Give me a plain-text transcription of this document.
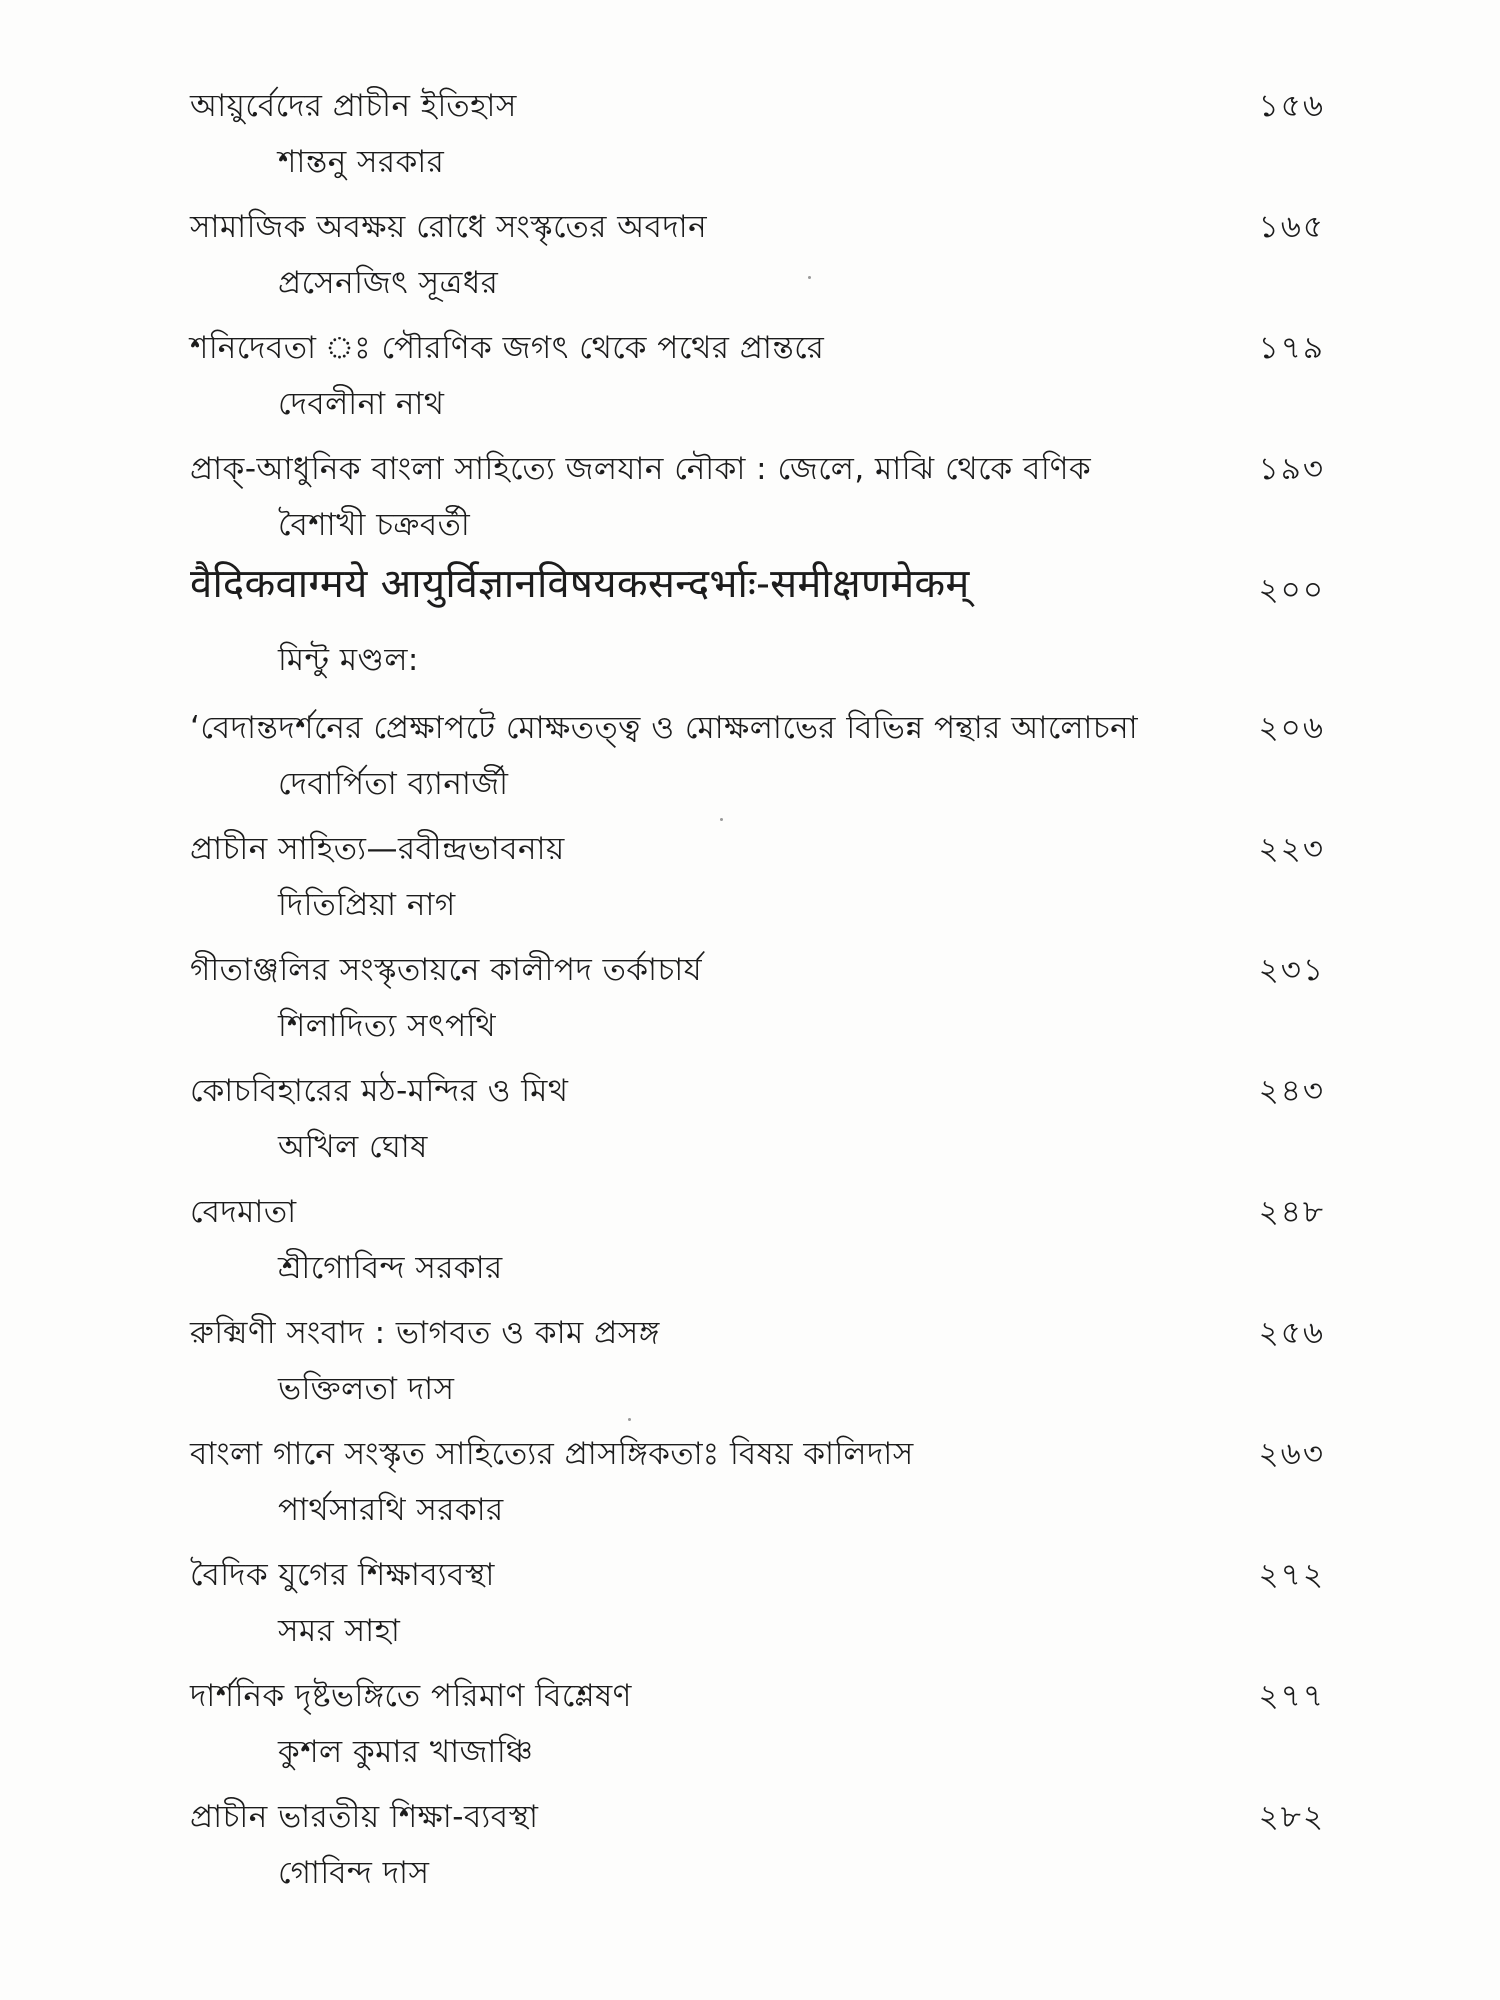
আয়ুর্বেদের প্রাচীন ইতিহাস	১৫৬
শান্তনু সরকার
সামাজিক অবক্ষয় রোধে সংস্কৃতের অবদান	১৬৫
প্রসেনজিৎ সূত্রধর
শনিদেবতা ঃ পৌরণিক জগৎ থেকে পথের প্রান্তরে	১৭৯
দেবলীনা নাথ
প্রাক্‌-আধুনিক বাংলা সাহিত্যে জলযান নৌকা : জেলে, মাঝি থেকে বণিক	১৯৩
বৈশাখী চক্রবর্তী
वैदिकवाग्मये आयुर्विज्ञानविषयकसन्दर्भाः-समीक्षणमेकम्	২০০
মিন্টু মণ্ডল:
‘বেদান্তদর্শনের প্রেক্ষাপটে মোক্ষতত্ত্ব ও মোক্ষলাভের বিভিন্ন পন্থার আলোচনা	২০৬
দেবার্পিতা ব্যানার্জী
প্রাচীন সাহিত্য—রবীন্দ্রভাবনায়	২২৩
দিতিপ্রিয়া নাগ
গীতাঞ্জলির সংস্কৃতায়নে কালীপদ তর্কাচার্য	২৩১
শিলাদিত্য সৎপথি
কোচবিহারের মঠ-মন্দির ও মিথ	২৪৩
অখিল ঘোষ
বেদমাতা	২৪৮
শ্রীগোবিন্দ সরকার
রুক্মিণী সংবাদ : ভাগবত ও কাম প্রসঙ্গ	২৫৬
ভক্তিলতা দাস
বাংলা গানে সংস্কৃত সাহিত্যের প্রাসঙ্গিকতাঃ বিষয় কালিদাস	২৬৩
পার্থসারথি সরকার
বৈদিক যুগের শিক্ষাব্যবস্থা	২৭২
সমর সাহা
দার্শনিক দৃষ্টভঙ্গিতে পরিমাণ বিশ্লেষণ	২৭৭
কুশল কুমার খাজাঞ্চি
প্রাচীন ভারতীয় শিক্ষা-ব্যবস্থা	২৮২
গোবিন্দ দাস
